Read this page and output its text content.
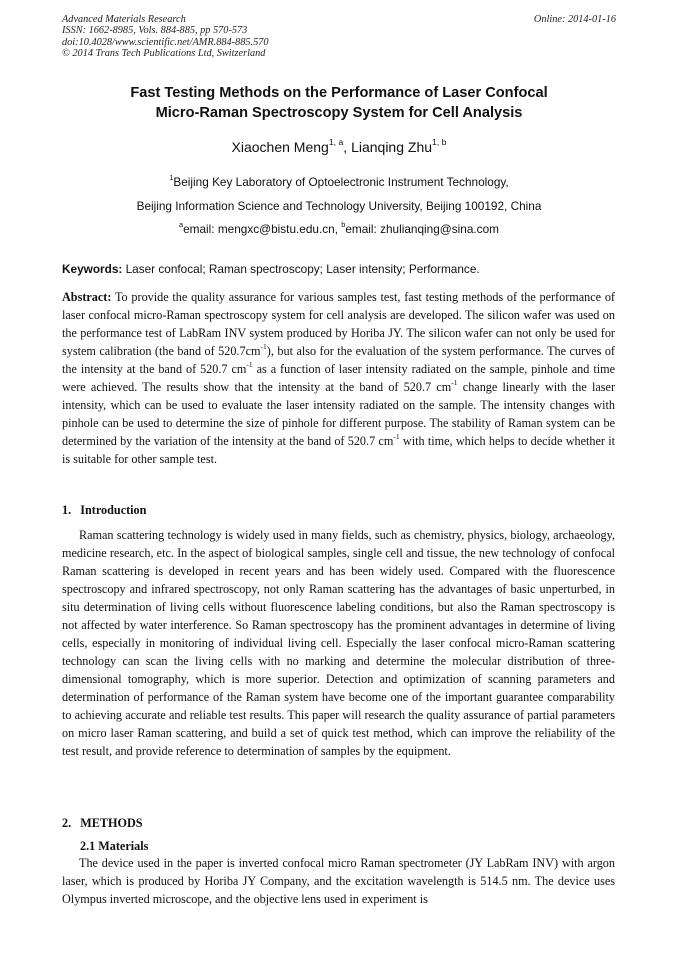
Advanced Materials Research
ISSN: 1662-8985, Vols. 884-885, pp 570-573
doi:10.4028/www.scientific.net/AMR.884-885.570
© 2014 Trans Tech Publications Ltd, Switzerland
Online: 2014-01-16
Fast Testing Methods on the Performance of Laser Confocal
Micro-Raman Spectroscopy System for Cell Analysis
Xiaochen Meng$^{1, a}$, Lianqing Zhu$^{1, b}$
$^1$Beijing Key Laboratory of Optoelectronic Instrument Technology,
Beijing Information Science and Technology University, Beijing 100192, China
$^a$email: mengxc@bistu.edu.cn, $^b$email: zhulianqing@sina.com
Keywords: Laser confocal; Raman spectroscopy; Laser intensity; Performance.

Abstract: To provide the quality assurance for various samples test, fast testing methods of the performance of laser confocal micro-Raman spectroscopy system for cell analysis are developed. The silicon wafer was used on the performance test of LabRam INV system produced by Horiba JY. The silicon wafer can not only be used for system calibration (the band of $520.7cm^{-1}$), but also for the evaluation of the system performance. The curves of the intensity at the band of 520.7 $cm^{-1}$ as a function of laser intensity radiated on the sample, pinhole and time were achieved. The results show that the intensity at the band of 520.7 $cm^{-1}$ change linearly with the laser intensity, which can be used to evaluate the laser intensity radiated on the sample. The intensity changes with pinhole can be used to determine the size of pinhole for different purpose. The stability of Raman system can be determined by the variation of the intensity at the band of 520.7 $cm^{-1}$ with time, which helps to decide whether it is suitable for other sample test.

1.   Introduction
Raman scattering technology is widely used in many fields, such as chemistry, physics, biology, archaeology, medicine research, etc. In the aspect of biological samples, single cell and tissue, the new technology of confocal Raman scattering is developed in recent years and has been widely used. Compared with the fluorescence spectroscopy and infrared spectroscopy, not only Raman scattering has the advantages of basic unperturbed, in situ determination of living cells without fluorescence labeling conditions, but also the Raman spectroscopy is not affected by water interference. So Raman spectroscopy has the prominent advantages in determine of living cells, especially in monitoring of individual living cell. Especially the laser confocal micro-Raman scattering technology can scan the living cells with no marking and determine the molecular distribution of three-dimensional tomography, which is more superior. Detection and optimization of scanning parameters and determination of performance of the Raman system have become one of the important guarantee comparability to achieving accurate and reliable test results. This paper will research the quality assurance of partial parameters on micro laser Raman scattering, and build a set of quick test method, which can improve the reliability of the test result, and provide reference to determination of samples by the equipment.
2.   METHODS
2.1 Materials
The device used in the paper is inverted confocal micro Raman spectrometer (JY LabRam INV) with argon laser, which is produced by Horiba JY Company, and the excitation wavelength is 514.5 nm. The device uses Olympus inverted microscope, and the objective lens used in experiment is
